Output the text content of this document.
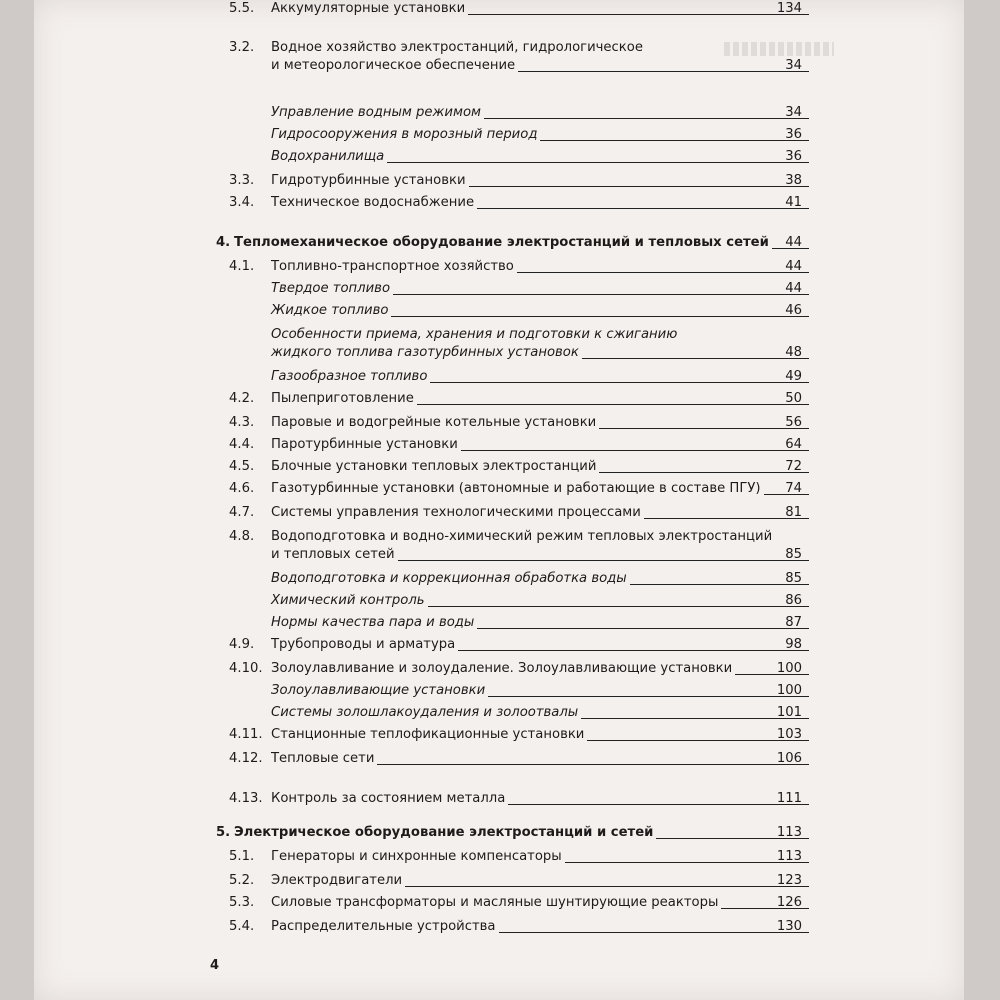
3.2. Водное хозяйство электростанций, гидрологическое
и метеорологическое обеспечение	34
Управление водным режимом	34
Гидросооружения в морозный период	36
Водохранилища	36
3.3. Гидротурбинные установки	38
3.4. Техническое водоснабжение	41
4. Тепломеханическое оборудование электростанций и тепловых сетей 44
4.1. Топливно-транспортное хозяйство	44
Твердое топливо	44
Жидкое топливо	46
Особенности приема, хранения и подготовки к сжиганию
жидкого топлива газотурбинных установок	48
Газообразное топливо	49
4.2. Пылеприготовление	50
4.3. Паровые и водогрейные котельные установки	56
4.4. Паротурбинные установки	64
4.5. Блочные установки тепловых электростанций	72
4.6. Газотурбинные установки (автономные и работающие в составе ПГУ) 74
4.7. Системы управления технологическими процессами	81
4.8. Водоподготовка и водно-химический режим тепловых электростанций
и тепловых сетей	85
Водоподготовка и коррекционная обработка воды	85
Химический контроль	86
Нормы качества пара и воды	87
4.9. Трубопроводы и арматура	98
4.10. Золоулавливание и золоудаление. Золоулавливающие установки	100
Золоулавливающие установки	100
Системы золошлакоудаления и золоотвалы	101
4.11. Станционные теплофикационные установки	103
4.12. Тепловые сети	106
4.13. Контроль за состоянием металла	111
5. Электрическое оборудование электростанций и сетей	113
5.1. Генераторы и синхронные компенсаторы	113
5.2. Электродвигатели	123
5.3. Силовые трансформаторы и масляные шунтирующие реакторы	126
5.4. Распределительные устройства	130
5.5. Аккумуляторные установки	134
4
